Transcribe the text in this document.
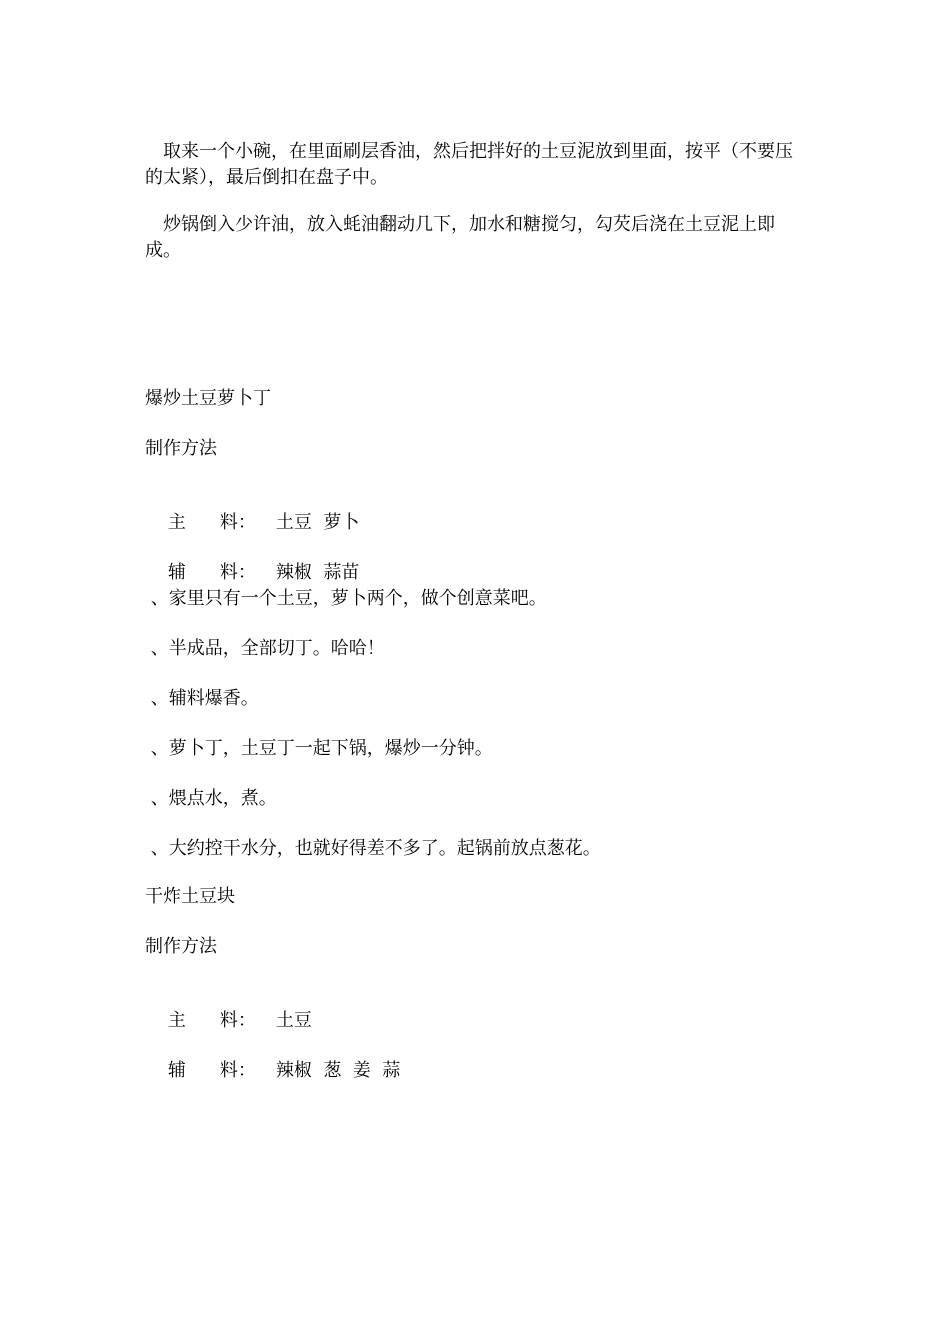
取来一个小碗，在里面刷层香油，然后把拌好的土豆泥放到里面，按平（不要压的太紧），最后倒扣在盘子中。

炒锅倒入少许油，放入蚝油翻动几下，加水和糖搅匀，勾芡后浇在土豆泥上即成。

爆炒土豆萝卜丁
制作方法

主 料： 土豆  萝卜

辅 料： 辣椒  蒜苗

、家里只有一个土豆，萝卜两个，做个创意菜吧。
、半成品，全部切丁。哈哈！
、辅料爆香。
、萝卜丁，土豆丁一起下锅，爆炒一分钟。
、煨点水，煮。
、大约控干水分，也就好得差不多了。起锅前放点葱花。
干炸土豆块
制作方法

主 料： 土豆

辅 料： 辣椒  葱  姜  蒜
